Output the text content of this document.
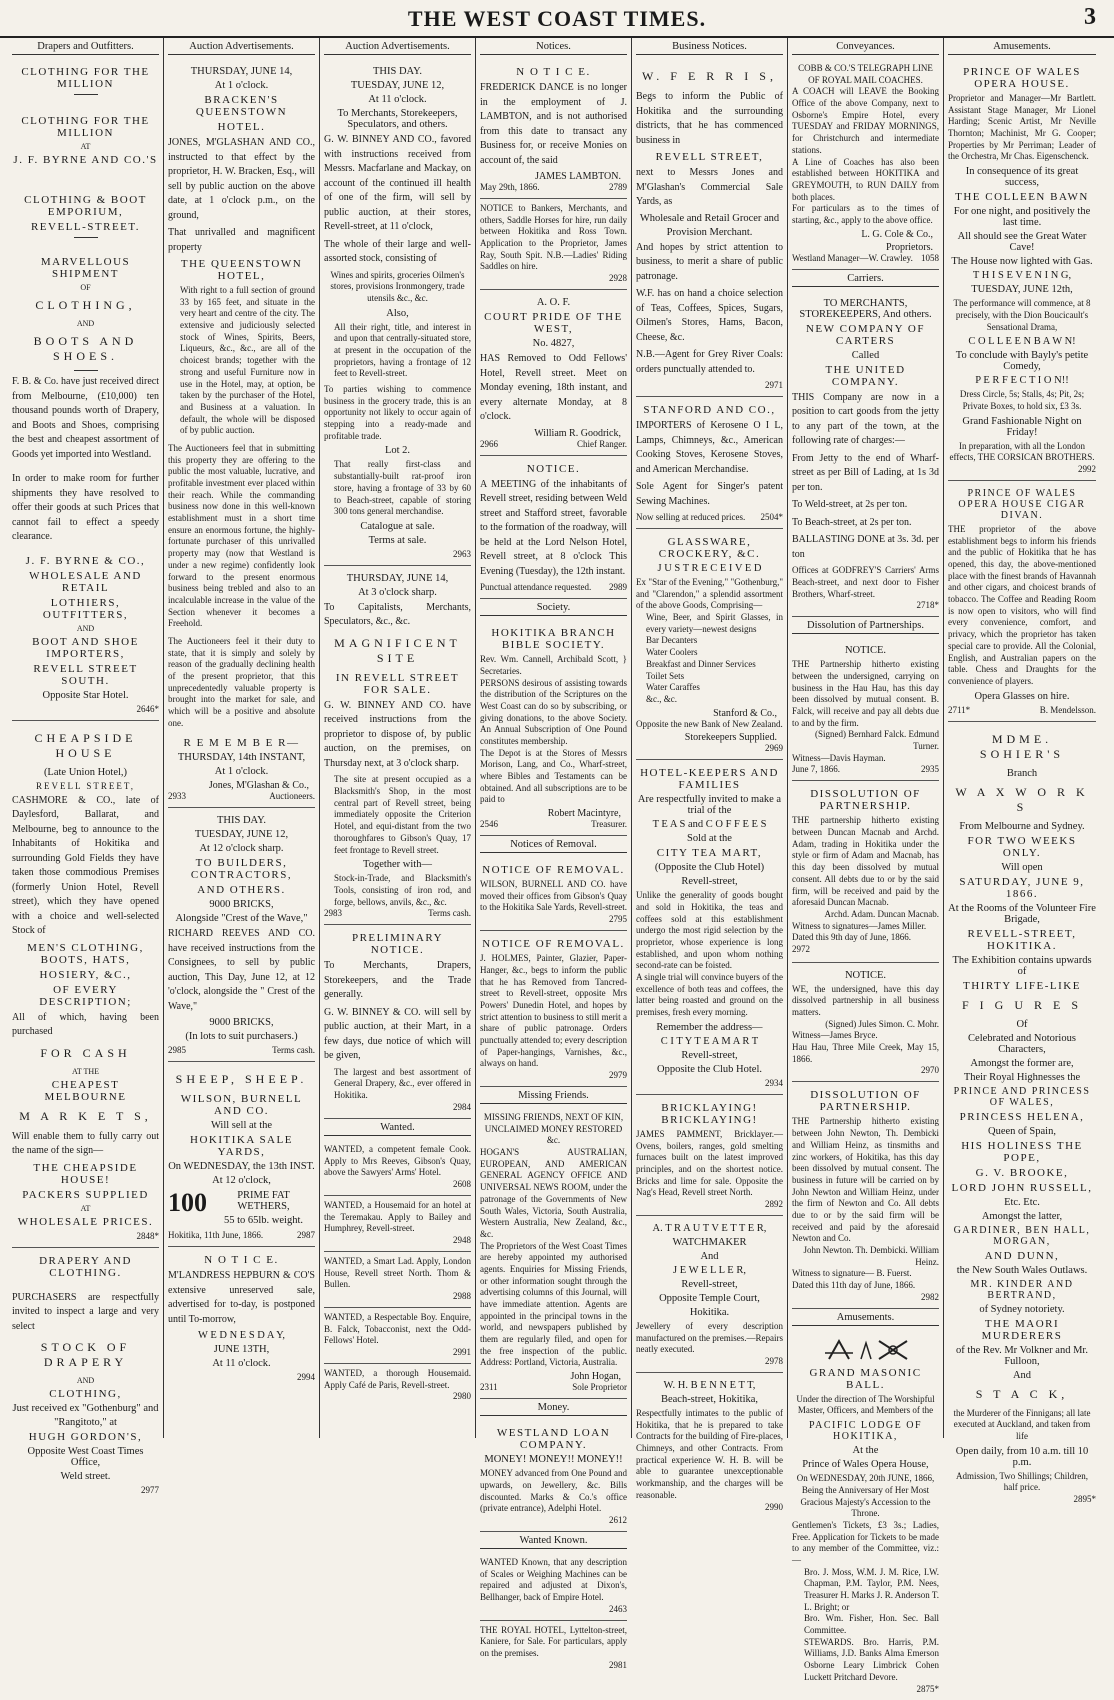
THE WEST COAST TIMES.	3
Drapers and Outfitters.
CLOTHING FOR THE MILLION
CLOTHING FOR THE MILLION
AT
J. F. BYRNE AND CO.'S

CLOTHING & BOOT EMPORIUM,
REVELL-STREET.
MARVELLOUS SHIPMENT
OF
CLOTHING,
AND
BOOTS AND SHOES.
F. B. & Co. have just received direct from Melbourne, (£10,000) ten thousand pounds worth of Drapery, and Boots and Shoes, comprising the best and cheapest assortment of Goods yet imported into Westland.
In order to make room for further shipments they have resolved to offer their goods at such Prices that cannot fail to effect a speedy clearance.
J. F. BYRNE & CO.,
WHOLESALE AND RETAIL
LOTHIERS, OUTFITTERS,
AND
BOOT AND SHOE IMPORTERS,
REVELL STREET SOUTH.
Opposite Star Hotel.
2646*
CHEAPSIDE HOUSE
(Late Union Hotel,)
REVELL STREET,
CASHMORE & CO., late of Daylesford, Ballarat, and Melbourne, beg to announce to the Inhabitants of Hokitika and surrounding Gold Fields they have taken those commodious Premises (formerly Union Hotel, Revell street), which they have opened with a choice and well-selected Stock of
MEN'S CLOTHING, BOOTS, HATS,
HOSIERY, &C.,
OF EVERY DESCRIPTION;
All of which, having been purchased
FOR CASH
AT THE
CHEAPEST MELBOURNE
M A R K E T S,
Will enable them to fully carry out the name of the sign—
THE CHEAPSIDE HOUSE!
PACKERS SUPPLIED
AT
WHOLESALE PRICES.
2848*
DRAPERY AND CLOTHING.
PURCHASERS are respectfully invited to inspect a large and very select
STOCK OF DRAPERY
AND
CLOTHING,
Just received ex "Gothenburg" and
"Rangitoto," at
HUGH GORDON'S,
Opposite West Coast Times Office,
Weld street.
2977
Auction Advertisements.
THURSDAY, JUNE 14,
At 1 o'clock.
BRACKEN'S QUEENSTOWN
HOTEL.
JONES, M'GLASHAN AND CO., instructed to that effect by the proprietor, H. W. Bracken, Esq., will sell by public auction on the above date, at 1 o'clock p.m., on the ground,
That unrivalled and magnificent property
THE QUEENSTOWN HOTEL,
With right to a full section of ground 33 by 165 feet, and situate in the very heart and centre of the city. The extensive and judiciously selected stock of Wines, Spirits, Beers, Liqueurs, &c., &c., are all of the choicest brands; together with the strong and useful Furniture now in use in the Hotel, may, at option, be taken by the purchaser of the Hotel, and Business at a valuation. In default, the whole will be disposed of by public auction.
The Auctioneers feel that in submitting this property they are offering to the public the most valuable, lucrative, and profitable investment ever placed within their reach. While the commanding business now done in this well-known establishment must in a short time ensure an enormous fortune, the highly-fortunate purchaser of this unrivalled property may (now that Westland is under a new regime) confidently look forward to the present enormous business being trebled and also to an incalculable increase in the value of the Section whenever it becomes a Freehold.
The Auctioneers feel it their duty to state, that it is simply and solely by reason of the gradually declining health of the present proprietor, that this unprecedentedly valuable property is brought into the market for sale, and which will be a positive and absolute one.
R E M E M B E R—
THURSDAY, 14th INSTANT,
At 1 o'clock.
Jones, M'Glashan & Co.,
2933	Auctioneers.
THIS DAY.
TUESDAY, JUNE 12,
At 12 o'clock sharp.
TO BUILDERS, CONTRACTORS,
AND OTHERS.
9000 BRICKS,
Alongside "Crest of the Wave,"
RICHARD REEVES AND CO. have received instructions from the Consignees, to sell by public auction, This Day, June 12, at 12 'o'clock, alongside the " Crest of the Wave,"
9000 BRICKS,
(In lots to suit purchasers.)
2985	Terms cash.
SHEEP, SHEEP.
WILSON, BURNELL AND CO.
Will sell at the
HOKITIKA SALE YARDS,
On WEDNESDAY, the 13th INST.
At 12 o'clock,
100	PRIME FAT WETHERS,
55 to 65lb. weight.
Hokitika, 11th June, 1866.	2987
N O T I C E.
M'LANDRESS HEPBURN & CO'S extensive unreserved sale, advertised for to-day, is postponed until To-morrow,
W E D N E S D A Y,
JUNE 13TH,
At 11 o'clock.
2994
Auction Advertisements.
THIS DAY.
TUESDAY, JUNE 12,
At 11 o'clock.
To Merchants, Storekeepers, Speculators, and others.
G. W. BINNEY AND CO., favored with instructions received from Messrs. Macfarlane and Mackay, on account of the continued ill health of one of the firm, will sell by public auction, at their stores, Revell-street, at 11 o'clock,
The whole of their large and well-assorted stock, consisting of
Wines and spirits, groceries Oilmen's stores, provisions Ironmongery, trade utensils &c., &c.
Also,
All their right, title, and interest in and upon that centrally-situated store, at present in the occupation of the proprietors, having a frontage of 12 feet to Revell-street.
To parties wishing to commence business in the grocery trade, this is an opportunity not likely to occur again of stepping into a ready-made and profitable trade.
Lot 2.
That really first-class and substantially-built rat-proof iron store, having a frontage of 33 by 60 to Beach-street, capable of storing 300 tons general merchandise.
Catalogue at sale.
Terms at sale.
2963
THURSDAY, JUNE 14,
At 3 o'clock sharp.
To Capitalists, Merchants, Speculators, &c., &c.
MAGNIFICENT SITE
IN REVELL STREET FOR SALE.
G. W. BINNEY AND CO. have received instructions from the proprietor to dispose of, by public auction, on the premises, on Thursday next, at 3 o'clock sharp.
The site at present occupied as a Blacksmith's Shop, in the most central part of Revell street, being immediately opposite the Criterion Hotel, and equi-distant from the two thoroughfares to Gibson's Quay, 17 feet frontage to Revell street.
Together with—
Stock-in-Trade, and Blacksmith's Tools, consisting of iron rod, and forge, bellows, anvils, &c., &c.
2983	Terms cash.
PRELIMINARY NOTICE.
To Merchants, Drapers, Storekeepers, and the Trade generally.
G. W. BINNEY & CO. will sell by public auction, at their Mart, in a few days, due notice of which will be given,
The largest and best assortment of General Drapery, &c., ever offered in Hokitika.
2984
Wanted.
WANTED, a competent female Cook. Apply to Mrs Reeves, Gibson's Quay, above the Sawyers' Arms' Hotel.
2608
WANTED, a Housemaid for an hotel at the Teremakau. Apply to Bailey and Humphrey, Revell-street.
2948
WANTED, a Smart Lad. Apply, London House, Revell street North. Thom & Bullen.
2988
WANTED, a Respectable Boy. Enquire, B. Falck, Tobacconist, next the Odd-Fellows' Hotel.
2991
WANTED, a thorough Housemaid. Apply Café de Paris, Revell-street.
2980
Notices.
N O T I C E.
FREDERICK DANCE is no longer in the employment of J. LAMBTON, and is not authorised from this date to transact any Business for, or receive Monies on account of, the said
JAMES LAMBTON.
May 29th, 1866.	2789
NOTICE to Bankers, Merchants, and others, Saddle Horses for hire, run daily between Hokitika and Ross Town. Application to the Proprietor, James Ray, South Spit. N.B.—Ladies' Riding Saddles on hire.
2928
A. O. F.
COURT PRIDE OF THE WEST,
No. 4827,
HAS Removed to Odd Fellows' Hotel, Revell street. Meet on Monday evening, 18th instant, and every alternate Monday, at 8 o'clock.
William R. Goodrick,
2966	Chief Ranger.
NOTICE.
A MEETING of the inhabitants of Revell street, residing between Weld street and Stafford street, favorable to the formation of the roadway, will be held at the Lord Nelson Hotel, Revell street, at 8 o'clock This Evening (Tuesday), the 12th instant.
Punctual attendance requested. 2989
Society.
HOKITIKA BRANCH BIBLE SOCIETY.
Rev. Wm. Cannell, Archibald Scott, } Secretaries.
PERSONS desirous of assisting towards the distribution of the Scriptures on the West Coast can do so by subscribing, or giving donations, to the above Society. An Annual Subscription of One Pound constitutes membership.
The Depot is at the Stores of Messrs Morison, Lang, and Co., Wharf-street, where Bibles and Testaments can be obtained. And all subscriptions are to be paid to
Robert Macintyre,
2546	Treasurer.
Notices of Removal.
NOTICE OF REMOVAL.
WILSON, BURNELL AND CO. have moved their offices from Gibson's Quay to the Hokitika Sale Yards, Revell-street.
2795
NOTICE OF REMOVAL.
J. HOLMES, Painter, Glazier, Paper-Hanger, &c., begs to inform the public that he has Removed from Tancred-street to Revell-street, opposite Mrs Powers' Dunedin Hotel, and hopes by strict attention to business to still merit a share of public patronage. Orders punctually attended to; every description of Paper-hangings, Varnishes, &c., always on hand.
2979
Missing Friends.
MISSING FRIENDS, NEXT OF KIN, UNCLAIMED MONEY RESTORED &c.
HOGAN'S AUSTRALIAN, EUROPEAN, AND AMERICAN GENERAL AGENCY OFFICE AND UNIVERSAL NEWS ROOM, under the patronage of the Governments of New South Wales, Victoria, South Australia, Western Australia, New Zealand, &c., &c.
The Proprietors of the West Coast Times are hereby appointed my authorised agents. Enquiries for Missing Friends, or other information sought through the advertising columns of this Journal, will have immediate attention. Agents are appointed in the principal towns in the world, and newspapers published by them are regularly filed, and open for the free inspection of the public. Address: Portland, Victoria, Australia.
John Hogan,
2311	Sole Proprietor
Money.
WESTLAND LOAN COMPANY.
MONEY! MONEY!! MONEY!!
MONEY advanced from One Pound and upwards, on Jewellery, &c. Bills discounted. Marks & Co.'s office (private entrance), Adelphi Hotel.
2612
Wanted Known.
WANTED Known, that any description of Scales or Weighing Machines can be repaired and adjusted at Dixon's, Bellhanger, back of Empire Hotel.
2463
THE ROYAL HOTEL, Lyttelton-street, Kaniere, for Sale. For particulars, apply on the premises.
2981
Business Notices.
W. F E R R I S,
Begs to inform the Public of Hokitika and the surrounding districts, that he has commenced business in
REVELL STREET,
next to Messrs Jones and M'Glashan's Commercial Sale Yards, as
Wholesale and Retail Grocer and
Provision Merchant.
And hopes by strict attention to business, to merit a share of public patronage.
W.F. has on hand a choice selection of Teas, Coffees, Spices, Sugars, Oilmen's Stores, Hams, Bacon, Cheese, &c.
N.B.—Agent for Grey River Coals: orders punctually attended to.
2971
STANFORD AND CO.,
IMPORTERS of Kerosene O I L, Lamps, Chimneys, &c., American Cooking Stoves, Kerosene Stoves, and American Merchandise.
Sole Agent for Singer's patent Sewing Machines.
Now selling at reduced prices. 2504*
GLASSWARE, CROCKERY, &C.
J U S T R E C E I V E D
Ex "Star of the Evening," "Gothenburg," and "Clarendon," a splendid assortment of the above Goods, Comprising—
Wine, Beer, and Spirit Glasses, in every variety—newest designs
Bar Decanters
Water Coolers
Breakfast and Dinner Services
Toilet Sets
Water Caraffes
&c., &c.
Stanford & Co.,
Opposite the new Bank of New Zealand.
Storekeepers Supplied.
2969
HOTEL-KEEPERS AND FAMILIES
Are respectfully invited to make a trial of the
T E A S and C O F F E E S
Sold at the
CITY TEA MART,
(Opposite the Club Hotel)
Revell-street,
Unlike the generality of goods bought and sold in Hokitika, the teas and coffees sold at this establishment undergo the most rigid selection by the proprietor, whose experience is long established, and upon whom nothing second-rate can be foisted.
A single trial will convince buyers of the excellence of both teas and coffees, the latter being roasted and ground on the premises, fresh every morning.
Remember the address—
C I T Y T E A M A R T
Revell-street,
Opposite the Club Hotel.
2934
BRICKLAYING! BRICKLAYING!
JAMES PAMMENT, Bricklayer.—Ovens, boilers, ranges, gold smelting furnaces built on the latest improved principles, and on the shortest notice. Bricks and lime for sale. Opposite the Nag's Head, Revell street North.
2892
A. T R A U T V E T T E R,
WATCHMAKER
And
J E W E L L E R,
Revell-street,
Opposite Temple Court,
Hokitika.
Jewellery of every description manufactured on the premises.—Repairs neatly executed.
2978
W. H. B E N N E T T,
Beach-street, Hokitika,
Respectfully intimates to the public of Hokitika, that he is prepared to take Contracts for the building of Fire-places, Chimneys, and other Contracts. From practical experience W. H. B. will be able to guarantee unexceptionable workmanship, and the charges will be reasonable.
2990
Conveyances.
COBB & CO.'S TELEGRAPH LINE OF ROYAL MAIL COACHES.
A COACH will LEAVE the Booking Office of the above Company, next to Osborne's Empire Hotel, every TUESDAY and FRIDAY MORNINGS, for Christchurch and intermediate stations.
A Line of Coaches has also been established between HOKITIKA and GREYMOUTH, to RUN DAILY from both places.
For particulars as to the times of starting, &c., apply to the above office.
L. G. Cole & Co.,
Proprietors.
Westland Manager—W. Crawley. 1058
Carriers.
TO MERCHANTS, STOREKEEPERS, And others.
NEW COMPANY OF CARTERS
Called
THE UNITED COMPANY.
THIS Company are now in a position to cart goods from the jetty to any part of the town, at the following rate of charges:—
From Jetty to the end of Wharf-street as per Bill of Lading, at 1s 3d per ton.
To Weld-street, at 2s per ton.
To Beach-street, at 2s per ton.
BALLASTING DONE at 3s. 3d. per ton
Offices at GODFREY'S Carriers' Arms Beach-street, and next door to Fisher Brothers, Wharf-street.
2718*
Dissolution of Partnerships.
NOTICE.
THE Partnership hitherto existing between the undersigned, carrying on business in the Hau Hau, has this day been dissolved by mutual consent. B. Falck, will receive and pay all debts due to and by the firm.
(Signed) Bernhard Falck. Edmund Turner.
Witness—Davis Hayman.
June 7, 1866.	2935
DISSOLUTION OF PARTNERSHIP.
THE partnership hitherto existing between Duncan Macnab and Archd. Adam, trading in Hokitika under the style or firm of Adam and Macnab, has this day been dissolved by mutual consent. All debts due to or by the said firm, will be received and paid by the aforesaid Duncan Macnab.
Archd. Adam. Duncan Macnab.
Witness to signatures—James Miller.
Dated this 9th day of June, 1866.
2972
NOTICE.
WE, the undersigned, have this day dissolved partnership in all business matters.
(Signed) Jules Simon. C. Mohr.
Witness—James Bryce.
Hau Hau, Three Mile Creek, May 15, 1866.
2970
DISSOLUTION OF PARTNERSHIP.
THE Partnership hitherto existing between John Newton, Th. Dembicki and William Heinz, as tinsmiths and zinc workers, of Hokitika, has this day been dissolved by mutual consent. The business in future will be carried on by John Newton and William Heinz, under the firm of Newton and Co. All debts due to or by the said firm will be received and paid by the aforesaid Newton and Co.
John Newton. Th. Dembicki. William Heinz.
Witness to signature— B. Fuerst.
Dated this 11th day of June, 1866.
2982
Amusements.
GRAND MASONIC BALL.
Under the direction of The Worshipful Master, Officers, and Members of the
PACIFIC LODGE OF HOKITIKA,
At the
Prince of Wales Opera House,
On WEDNESDAY, 20th JUNE, 1866, Being the Anniversary of Her Most Gracious Majesty's Accession to the Throne.
Gentlemen's Tickets, £3 3s.; Ladies, Free. Application for Tickets to be made to any member of the Committee, viz.:—
Bro. J. Moss, W.M. J. M. Rice, I.W. Chapman, P.M. Taylor, P.M. Nees, Treasurer H. Marks J. R. Anderson T. L. Bright; or
Bro. Wm. Fisher, Hon. Sec. Ball Committee.
STEWARDS. Bro. Harris, P.M. Williams, J.D. Banks Alma Emerson Osborne Leary Limbrick Cohen Luckett Pritchard Devore.
2875*
Amusements.
PRINCE OF WALES OPERA HOUSE.
Proprietor and Manager—Mr Bartlett. Assistant Stage Manager, Mr Lionel Harding; Scenic Artist, Mr Neville Thornton; Machinist, Mr G. Cooper; Properties by Mr Perriman; Leader of the Orchestra, Mr Chas. Eigenschenck.
In consequence of its great success,
THE COLLEEN BAWN
For one night, and positively the last time.
All should see the Great Water Cave!
The House now lighted with Gas.
T H I S E V E N I N G,
TUESDAY, JUNE 12th,
The performance will commence, at 8 precisely, with the Dion Boucicault's Sensational Drama,
C O L L E E N B A W N!
To conclude with Bayly's petite Comedy,
P E R F E C T I O N!!
Dress Circle, 5s; Stalls, 4s; Pit, 2s; Private Boxes, to hold six, £3 3s.
Grand Fashionable Night on Friday!
In preparation, with all the London effects, THE CORSICAN BROTHERS.
2992
PRINCE OF WALES OPERA HOUSE CIGAR DIVAN.
THE proprietor of the above establishment begs to inform his friends and the public of Hokitika that he has opened, this day, the above-mentioned place with the finest brands of Havannah and other cigars, and choicest brands of tobacco. The Coffee and Reading Room is now open to visitors, who will find every convenience, comfort, and privacy, which the proprietor has taken special care to provide. All the Colonial, English, and Australian papers on the table. Chess and Draughts for the convenience of players.
Opera Glasses on hire.
2711*	B. Mendelsson.
MDME. SOHIER'S
Branch
W A X W O R K S
From Melbourne and Sydney.
FOR TWO WEEKS ONLY.
Will open
SATURDAY, JUNE 9, 1866.
At the Rooms of the Volunteer Fire Brigade,
REVELL-STREET, HOKITIKA.
The Exhibition contains upwards of
THIRTY LIFE-LIKE
F I G U R E S
Of
Celebrated and Notorious Characters,
Amongst the former are,
Their Royal Highnesses the
PRINCE AND PRINCESS OF WALES,
PRINCESS HELENA,
Queen of Spain,
HIS HOLINESS THE POPE,
G. V. BROOKE,
LORD JOHN RUSSELL,
Etc. Etc.
Amongst the latter,
GARDINER, BEN HALL, MORGAN,
AND DUNN,
the New South Wales Outlaws.
MR. KINDER AND BERTRAND,
of Sydney notoriety.
THE MAORI MURDERERS
of the Rev. Mr Volkner and Mr. Fulloon,
And
S T A C K,
the Murderer of the Finnigans; all late executed at Auckland, and taken from life
Open daily, from 10 a.m. till 10 p.m.
Admission, Two Shillings; Children, half price.
2895*
